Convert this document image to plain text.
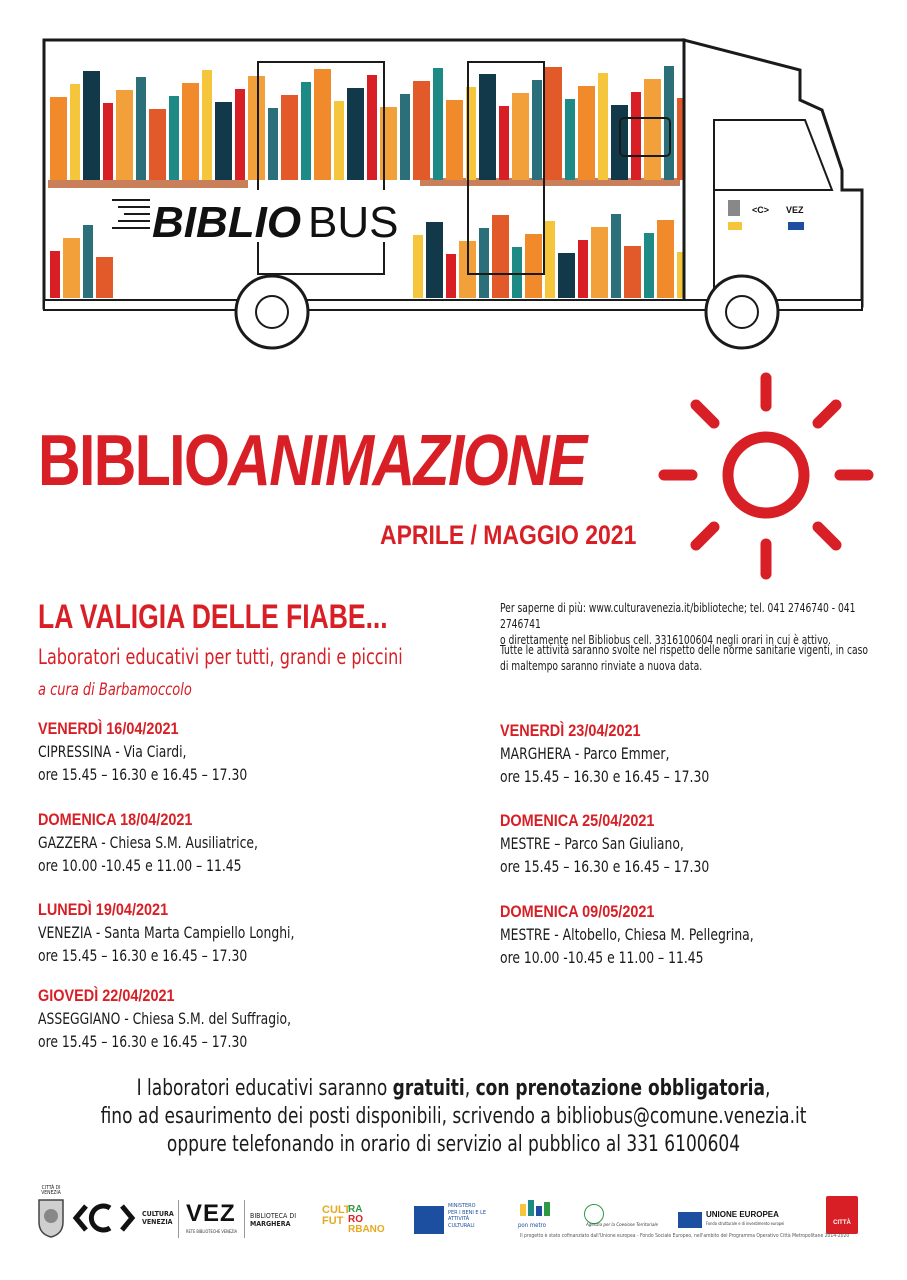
<C> VEZ
BIBLIO BUS
BIBLIOANIMAZIONE
APRILE / MAGGIO 2021
LA VALIGIA DELLE FIABE...
Laboratori educativi per tutti, grandi e piccini
a cura di Barbamoccolo
Per saperne di più: www.culturavenezia.it/biblioteche; tel. 041 2746740 - 041 2746741
o direttamente nel Bibliobus cell. 3316100604 negli orari in cui è attivo.
Tutte le attività saranno svolte nel rispetto delle norme sanitarie vigenti, in caso
di maltempo saranno rinviate a nuova data.
VENERDÌ 16/04/2021
CIPRESSINA - Via Ciardi,
ore 15.45 – 16.30 e 16.45 – 17.30
DOMENICA 18/04/2021
GAZZERA - Chiesa S.M. Ausiliatrice,
ore 10.00 -10.45 e 11.00 – 11.45
LUNEDÌ 19/04/2021
VENEZIA - Santa Marta Campiello Longhi,
ore 15.45 – 16.30 e 16.45 – 17.30
GIOVEDÌ 22/04/2021
ASSEGGIANO - Chiesa S.M. del Suffragio,
ore 15.45 – 16.30 e 16.45 – 17.30
VENERDÌ 23/04/2021
MARGHERA - Parco Emmer,
ore 15.45 – 16.30 e 16.45 – 17.30
DOMENICA 25/04/2021
MESTRE – Parco San Giuliano,
ore 15.45 – 16.30 e 16.45 – 17.30
DOMENICA 09/05/2021
MESTRE - Altobello, Chiesa M. Pellegrina,
ore 10.00 -10.45 e 11.00 – 11.45
I laboratori educativi saranno gratuiti, con prenotazione obbligatoria,
fino ad esaurimento dei posti disponibili, scrivendo a bibliobus@comune.venezia.it
oppure telefonando in orario di servizio al pubblico al 331 6100604
CITTÀ DI VENEZIA
CULTURA VENEZIA VEZ
RETE BIBLIOTECHE VENEZIA
BIBLIOTECA DI
MARGHERA
CULT
FUT
RA
RO
RBANO
MINISTERO PER I BENI E LE ATTIVITÀ CULTURALI	pon metro	Agenzia per la Coesione Territoriale
UNIONE EUROPEA
Fondo strutturale e di investimento europei	CITTÀ
Il progetto è stato cofinanziato dall'Unione europea - Fondo Sociale Europeo, nell'ambito del Programma Operativo Città Metropolitane 2014-2020
